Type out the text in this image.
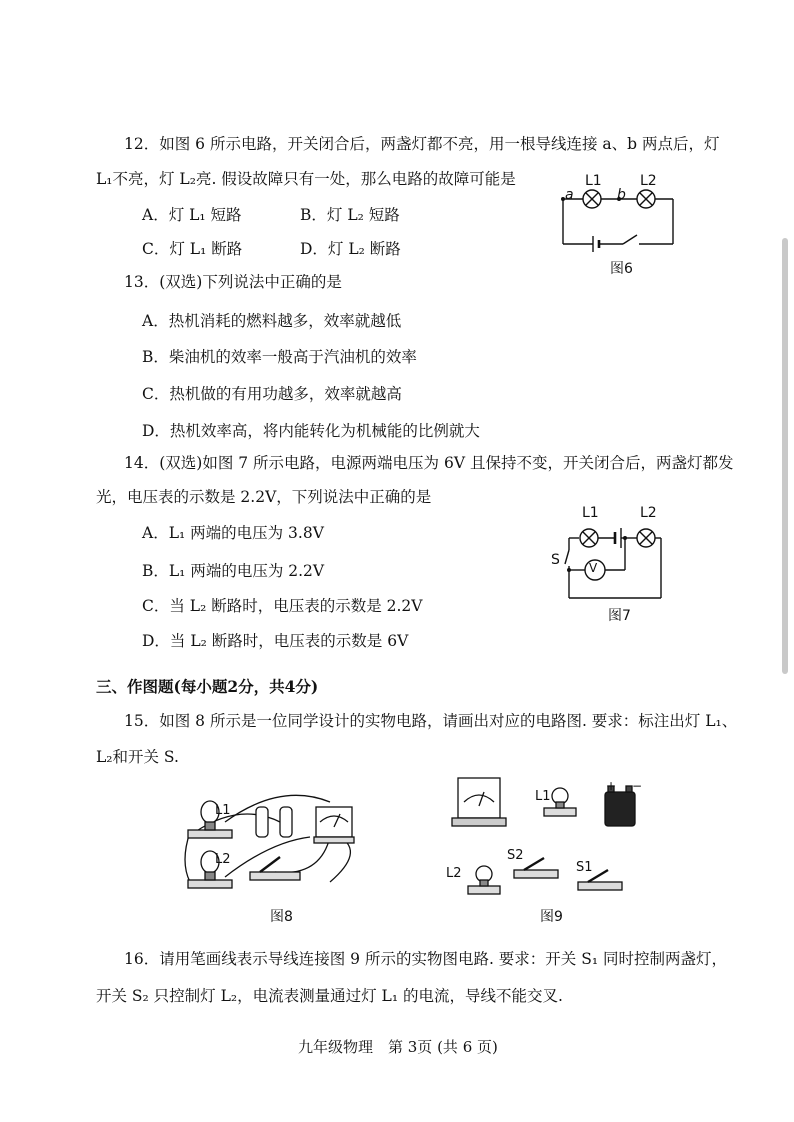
12．如图 6 所示电路，开关闭合后，两盏灯都不亮，用一根导线连接 a、b 两点后，灯
L₁不亮，灯 L₂亮. 假设故障只有一处，那么电路的故障可能是
A．灯 L₁ 短路	B．灯 L₂ 短路
C．灯 L₁ 断路	D．灯 L₂ 断路
a	b
L1	L2
图6
13．(双选)下列说法中正确的是
A．热机消耗的燃料越多，效率就越低
B．柴油机的效率一般高于汽油机的效率
C．热机做的有用功越多，效率就越高
D．热机效率高，将内能转化为机械能的比例就大
14．(双选)如图 7 所示电路，电源两端电压为 6V 且保持不变，开关闭合后，两盏灯都发
光，电压表的示数是 2.2V，下列说法中正确的是
A．L₁ 两端的电压为 3.8V
B．L₁ 两端的电压为 2.2V
C．当 L₂ 断路时，电压表的示数是 2.2V
D．当 L₂ 断路时，电压表的示数是 6V
V
S
L1	L2
图7
三、作图题(每小题2分，共4分)
15．如图 8 所示是一位同学设计的实物电路，请画出对应的电路图. 要求：标注出灯 L₁、
L₂和开关 S.
L1
L2
图8
L1
+ −
L2
S2
S1
图9
16．请用笔画线表示导线连接图 9 所示的实物图电路. 要求：开关 S₁ 同时控制两盏灯，
开关 S₂ 只控制灯 L₂，电流表测量通过灯 L₁ 的电流，导线不能交叉.
九年级物理　第 3页 (共 6 页)
